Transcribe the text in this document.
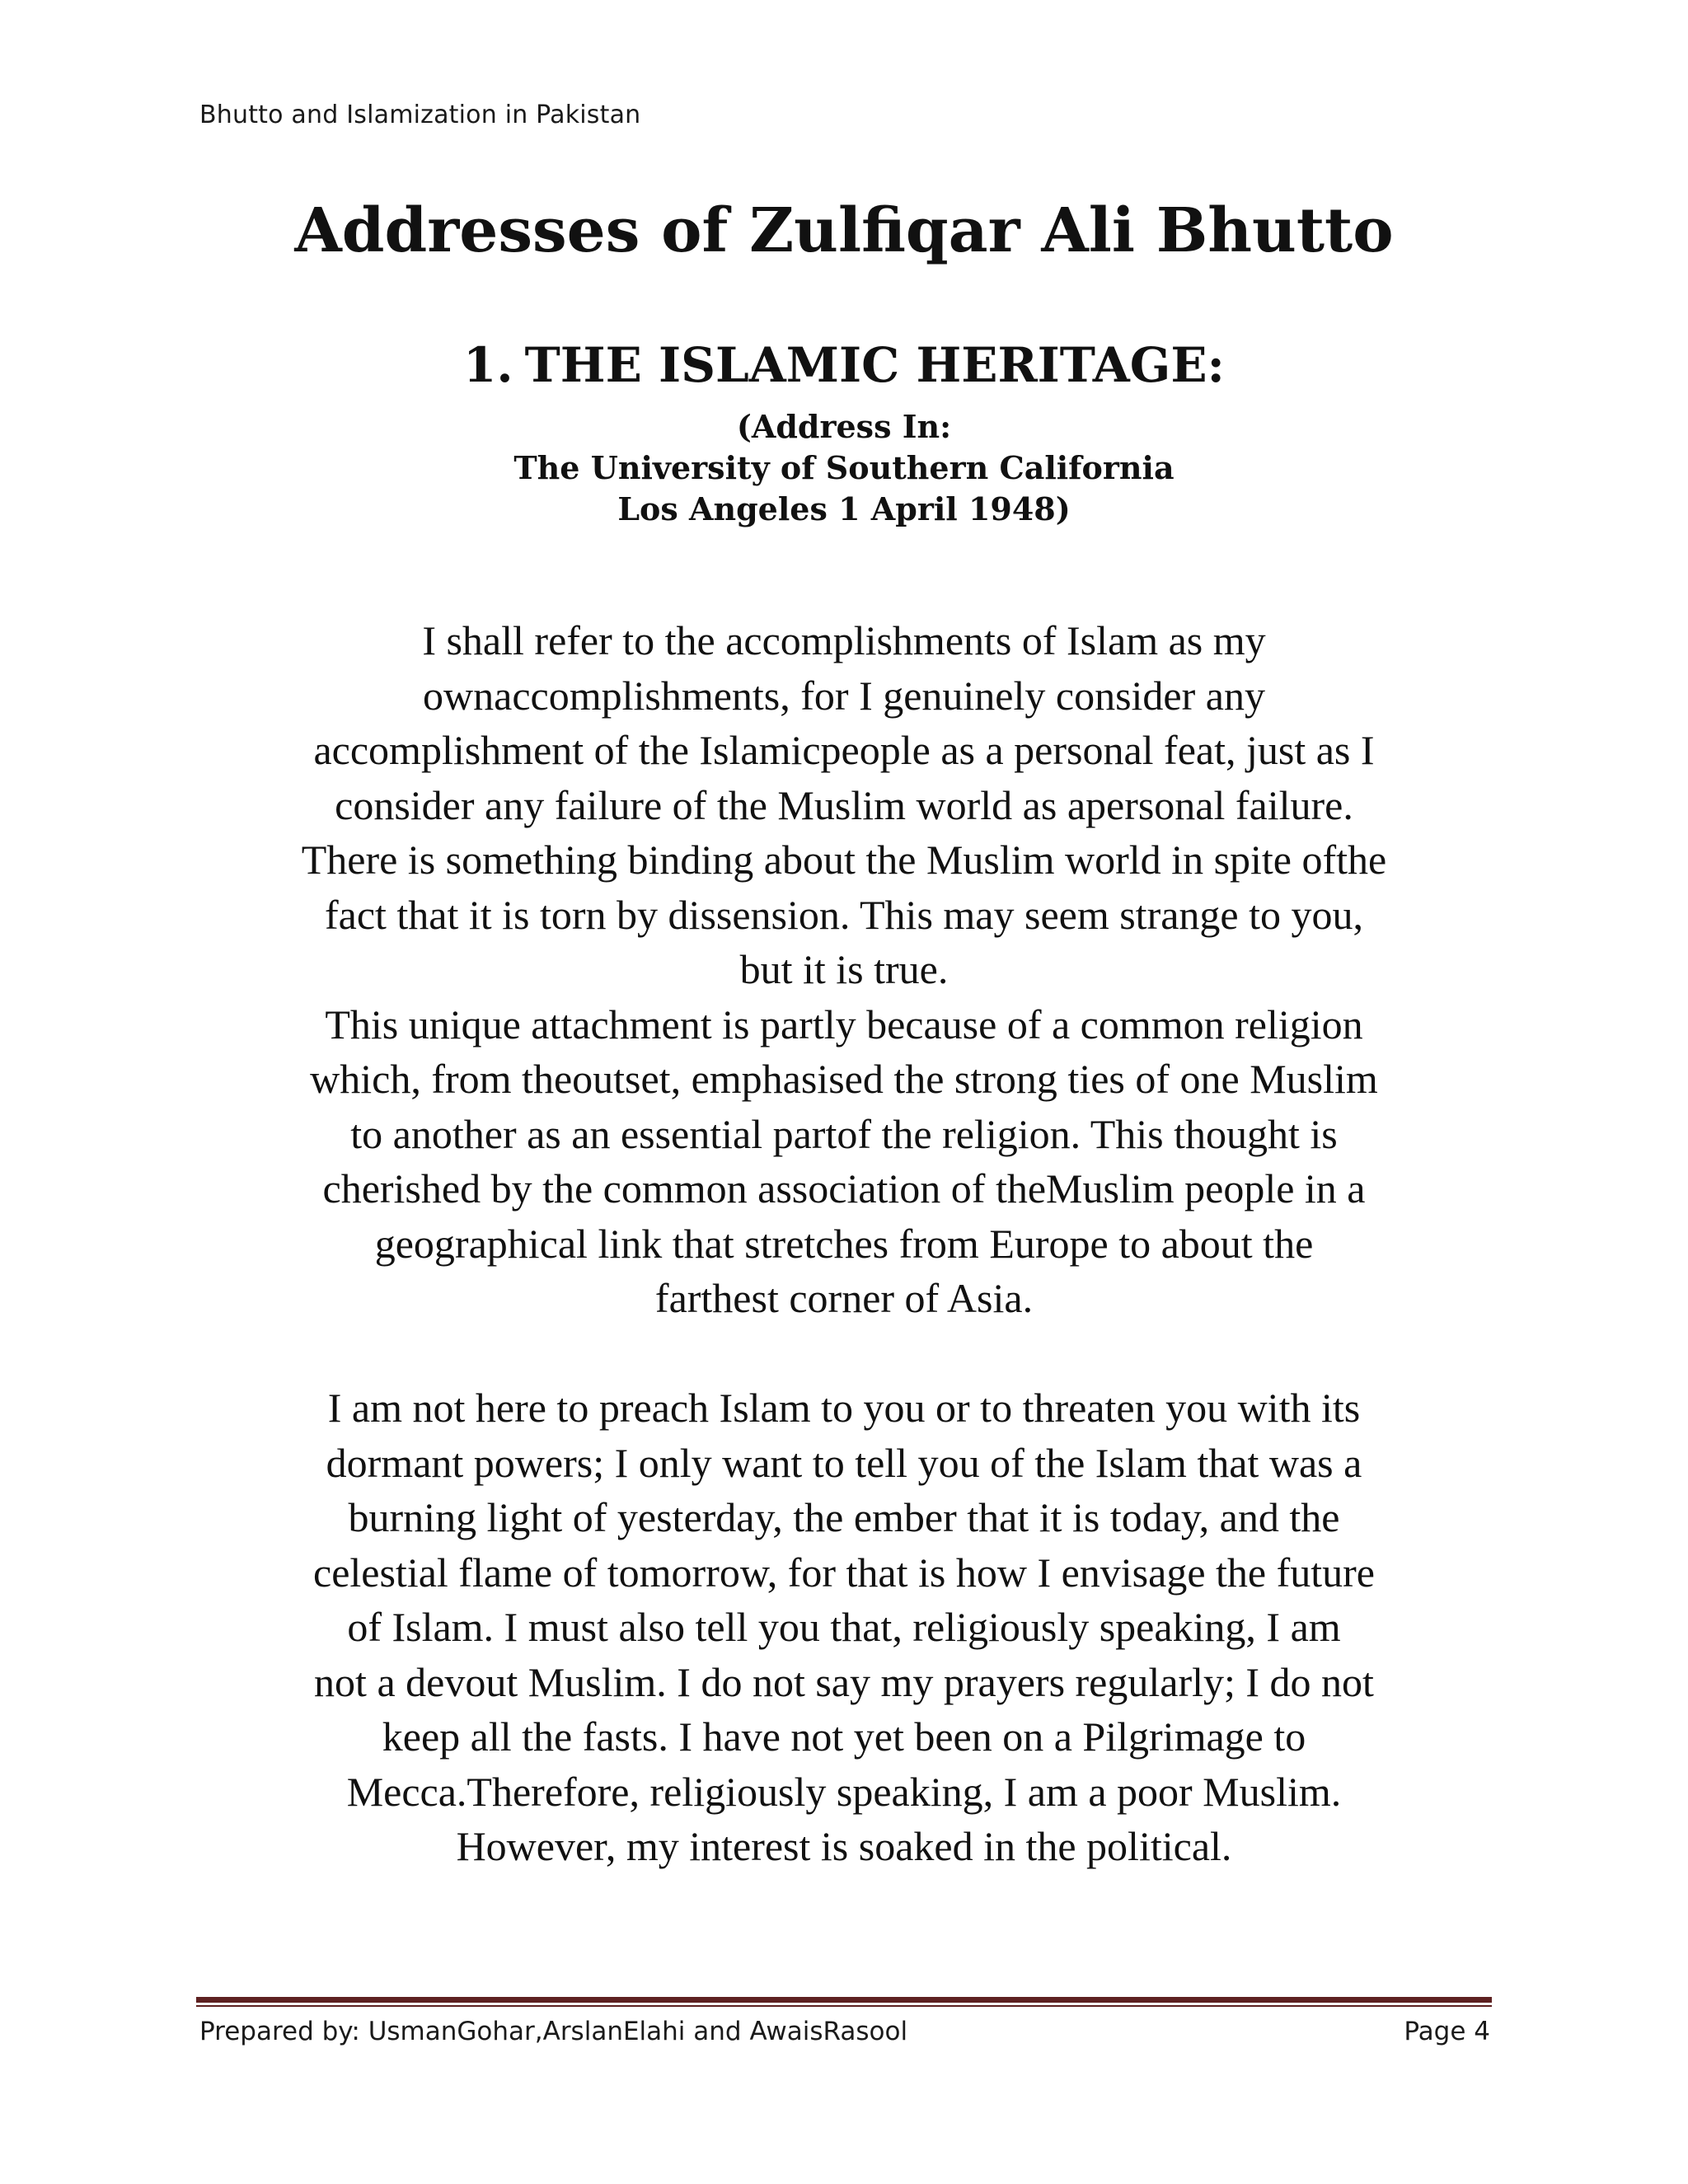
Bhutto and Islamization in Pakistan
Addresses of Zulfiqar Ali Bhutto
1. THE ISLAMIC HERITAGE:
(Address In:
The University of Southern California
Los Angeles 1 April 1948)
I shall refer to the accomplishments of Islam as my
ownaccomplishments, for I genuinely consider any
accomplishment of the Islamicpeople as a personal feat, just as I
consider any failure of the Muslim world as apersonal failure.
There is something binding about the Muslim world in spite ofthe
fact that it is torn by dissension. This may seem strange to you,
but it is true.
This unique attachment is partly because of a common religion
which, from theoutset, emphasised the strong ties of one Muslim
to another as an essential partof the religion. This thought is
cherished by the common association of theMuslim people in a
geographical link that stretches from Europe to about the
farthest corner of Asia.
I am not here to preach Islam to you or to threaten you with its
dormant powers; I only want to tell you of the Islam that was a
burning light of yesterday, the ember that it is today, and the
celestial flame of tomorrow, for that is how I envisage the future
of Islam. I must also tell you that, religiously speaking, I am
not a devout Muslim. I do not say my prayers regularly; I do not
keep all the fasts. I have not yet been on a Pilgrimage to
Mecca.Therefore, religiously speaking, I am a poor Muslim.
However, my interest is soaked in the political.
Prepared by: UsmanGohar,ArslanElahi and AwaisRasool	Page 4
